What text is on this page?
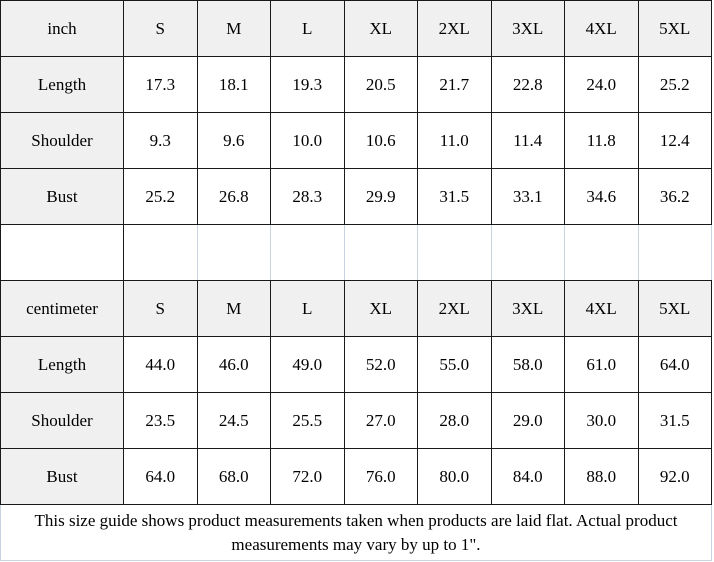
inch	S	M	L	XL	2XL	3XL	4XL	5XL
Length	17.3	18.1	19.3	20.5	21.7	22.8	24.0	25.2
Shoulder	9.3	9.6	10.0	10.6	11.0	11.4	11.8	12.4
Bust	25.2	26.8	28.3	29.9	31.5	33.1	34.6	36.2

centimeter	S	M	L	XL	2XL	3XL	4XL	5XL
Length	44.0	46.0	49.0	52.0	55.0	58.0	61.0	64.0
Shoulder	23.5	24.5	25.5	27.0	28.0	29.0	30.0	31.5
Bust	64.0	68.0	72.0	76.0	80.0	84.0	88.0	92.0
This size guide shows product measurements taken when products are laid flat. Actual product
measurements may vary by up to 1".
